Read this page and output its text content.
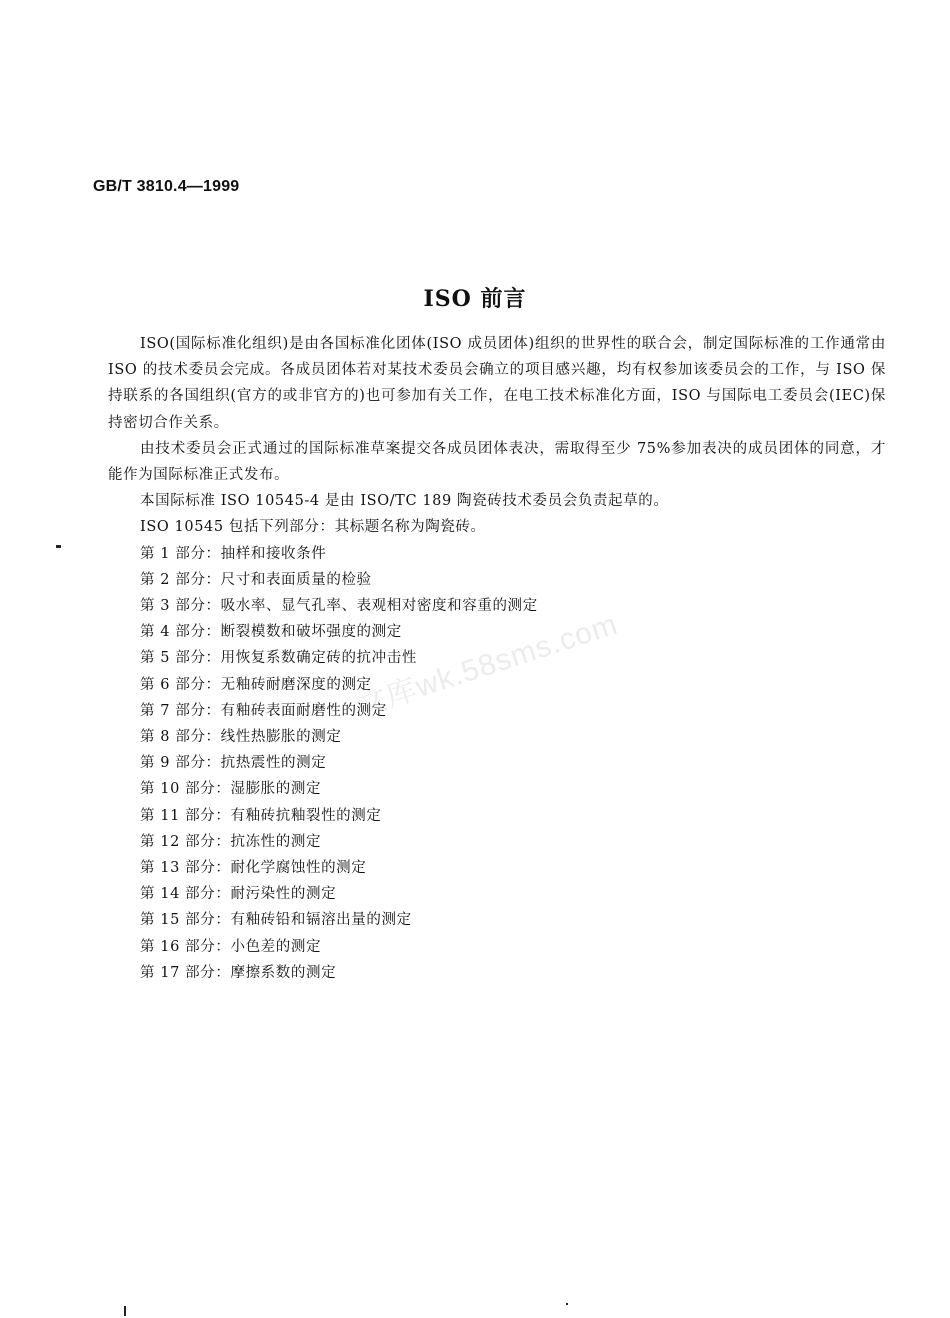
GB/T 3810.4—1999
ISO 前言

ISO(国际标准化组织)是由各国标准化团体(ISO 成员团体)组织的世界性的联合会，制定国际标准的工作通常由 ISO 的技术委员会完成。各成员团体若对某技术委员会确立的项目感兴趣，均有权参加该委员会的工作，与 ISO 保持联系的各国组织(官方的或非官方的)也可参加有关工作，在电工技术标准化方面，ISO 与国际电工委员会(IEC)保持密切合作关系。

由技术委员会正式通过的国际标准草案提交各成员团体表决，需取得至少 75%参加表决的成员团体的同意，才能作为国际标准正式发布。

本国际标准 ISO 10545-4 是由 ISO/TC 189 陶瓷砖技术委员会负责起草的。

ISO 10545 包括下列部分：其标题名称为陶瓷砖。

第 1 部分：抽样和接收条件

第 2 部分：尺寸和表面质量的检验

第 3 部分：吸水率、显气孔率、表观相对密度和容重的测定

第 4 部分：断裂模数和破坏强度的测定

第 5 部分：用恢复系数确定砖的抗冲击性

第 6 部分：无釉砖耐磨深度的测定

第 7 部分：有釉砖表面耐磨性的测定

第 8 部分：线性热膨胀的测定

第 9 部分：抗热震性的测定

第 10 部分：湿膨胀的测定

第 11 部分：有釉砖抗釉裂性的测定

第 12 部分：抗冻性的测定

第 13 部分：耐化学腐蚀性的测定

第 14 部分：耐污染性的测定

第 15 部分：有釉砖铅和镉溶出量的测定

第 16 部分：小色差的测定

第 17 部分：摩擦系数的测定

文库wk.58sms.com
